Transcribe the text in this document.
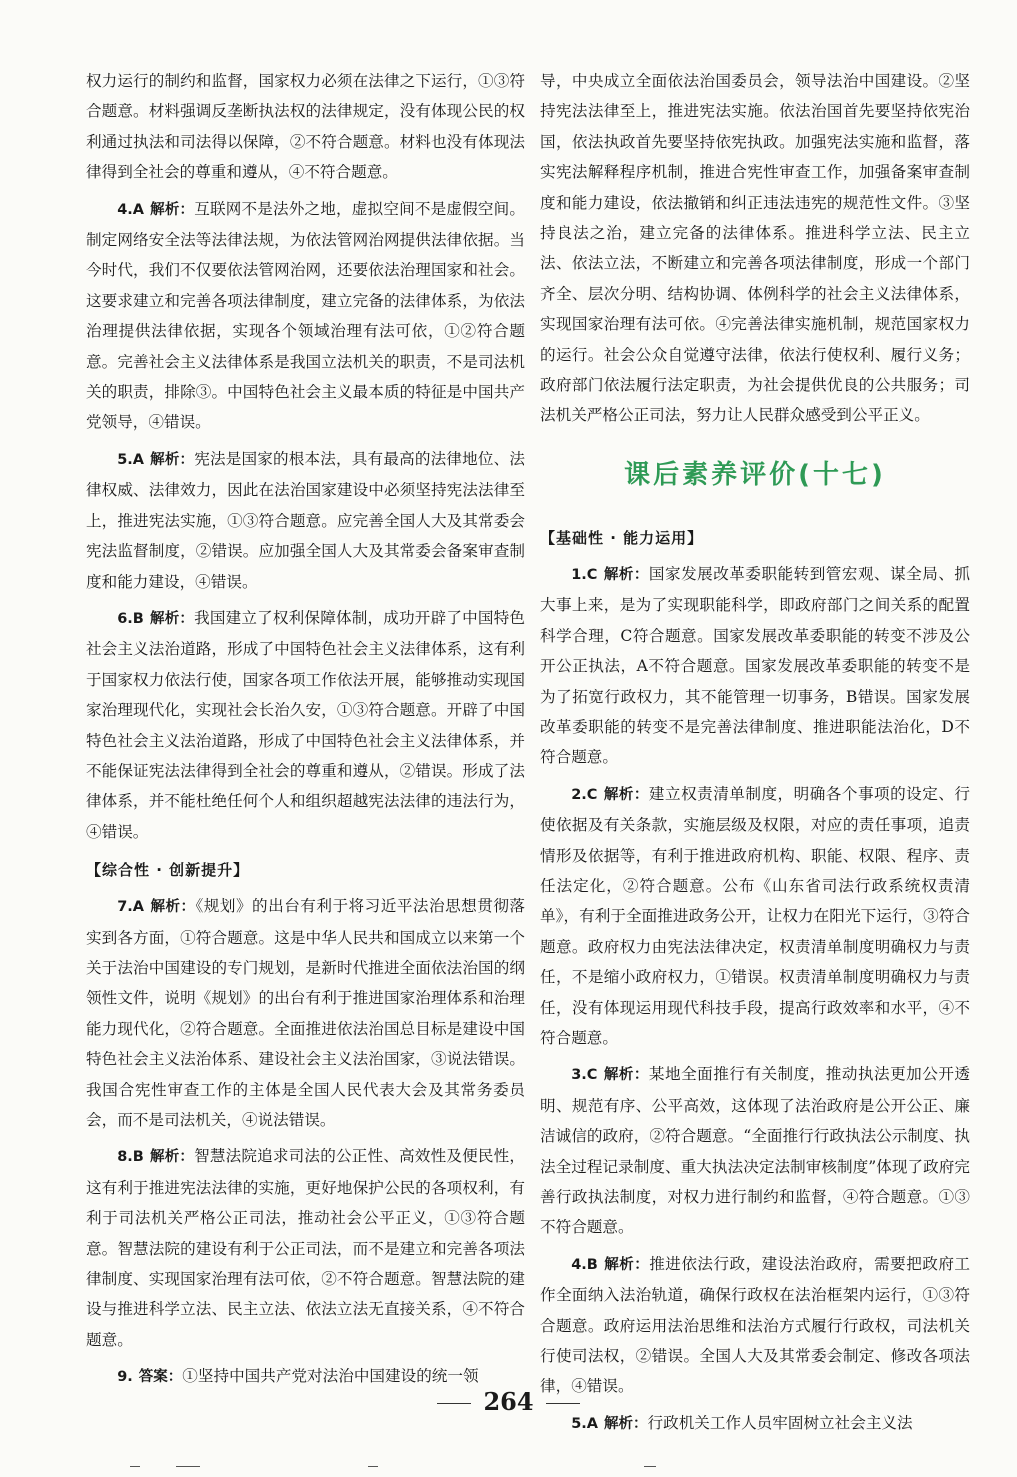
权力运行的制约和监督，国家权力必须在法律之下运行，①③符合题意。材料强调反垄断执法权的法律规定，没有体现公民的权利通过执法和司法得以保障，②不符合题意。材料也没有体现法律得到全社会的尊重和遵从，④不符合题意。

4.A 解析：互联网不是法外之地，虚拟空间不是虚假空间。制定网络安全法等法律法规，为依法管网治网提供法律依据。当今时代，我们不仅要依法管网治网，还要依法治理国家和社会。这要求建立和完善各项法律制度，建立完备的法律体系，为依法治理提供法律依据，实现各个领域治理有法可依，①②符合题意。完善社会主义法律体系是我国立法机关的职责，不是司法机关的职责，排除③。中国特色社会主义最本质的特征是中国共产党领导，④错误。

5.A 解析：宪法是国家的根本法，具有最高的法律地位、法律权威、法律效力，因此在法治国家建设中必须坚持宪法法律至上，推进宪法实施，①③符合题意。应完善全国人大及其常委会宪法监督制度，②错误。应加强全国人大及其常委会备案审查制度和能力建设，④错误。

6.B 解析：我国建立了权利保障体制，成功开辟了中国特色社会主义法治道路，形成了中国特色社会主义法律体系，这有利于国家权力依法行使，国家各项工作依法开展，能够推动实现国家治理现代化，实现社会长治久安，①③符合题意。开辟了中国特色社会主义法治道路，形成了中国特色社会主义法律体系，并不能保证宪法法律得到全社会的尊重和遵从，②错误。形成了法律体系，并不能杜绝任何个人和组织超越宪法法律的违法行为，④错误。

【综合性 · 创新提升】

7.A 解析：《规划》的出台有利于将习近平法治思想贯彻落实到各方面，①符合题意。这是中华人民共和国成立以来第一个关于法治中国建设的专门规划，是新时代推进全面依法治国的纲领性文件，说明《规划》的出台有利于推进国家治理体系和治理能力现代化，②符合题意。全面推进依法治国总目标是建设中国特色社会主义法治体系、建设社会主义法治国家，③说法错误。我国合宪性审查工作的主体是全国人民代表大会及其常务委员会，而不是司法机关，④说法错误。

8.B 解析：智慧法院追求司法的公正性、高效性及便民性，这有利于推进宪法法律的实施，更好地保护公民的各项权利，有利于司法机关严格公正司法，推动社会公平正义，①③符合题意。智慧法院的建设有利于公正司法，而不是建立和完善各项法律制度、实现国家治理有法可依，②不符合题意。智慧法院的建设与推进科学立法、民主立法、依法立法无直接关系，④不符合题意。

9. 答案：①坚持中国共产党对法治中国建设的统一领

导，中央成立全面依法治国委员会，领导法治中国建设。②坚持宪法法律至上，推进宪法实施。依法治国首先要坚持依宪治国，依法执政首先要坚持依宪执政。加强宪法实施和监督，落实宪法解释程序机制，推进合宪性审查工作，加强备案审查制度和能力建设，依法撤销和纠正违法违宪的规范性文件。③坚持良法之治，建立完备的法律体系。推进科学立法、民主立法、依法立法，不断建立和完善各项法律制度，形成一个部门齐全、层次分明、结构协调、体例科学的社会主义法律体系，实现国家治理有法可依。④完善法律实施机制，规范国家权力的运行。社会公众自觉遵守法律，依法行使权利、履行义务；政府部门依法履行法定职责，为社会提供优良的公共服务；司法机关严格公正司法，努力让人民群众感受到公平正义。

课后素养评价(十七)
【基础性 · 能力运用】

1.C 解析：国家发展改革委职能转到管宏观、谋全局、抓大事上来，是为了实现职能科学，即政府部门之间关系的配置科学合理，C符合题意。国家发展改革委职能的转变不涉及公开公正执法，A不符合题意。国家发展改革委职能的转变不是为了拓宽行政权力，其不能管理一切事务，B错误。国家发展改革委职能的转变不是完善法律制度、推进职能法治化，D不符合题意。

2.C 解析：建立权责清单制度，明确各个事项的设定、行使依据及有关条款，实施层级及权限，对应的责任事项，追责情形及依据等，有利于推进政府机构、职能、权限、程序、责任法定化，②符合题意。公布《山东省司法行政系统权责清单》，有利于全面推进政务公开，让权力在阳光下运行，③符合题意。政府权力由宪法法律决定，权责清单制度明确权力与责任，不是缩小政府权力，①错误。权责清单制度明确权力与责任，没有体现运用现代科技手段，提高行政效率和水平，④不符合题意。

3.C 解析：某地全面推行有关制度，推动执法更加公开透明、规范有序、公平高效，这体现了法治政府是公开公正、廉洁诚信的政府，②符合题意。“全面推行行政执法公示制度、执法全过程记录制度、重大执法决定法制审核制度”体现了政府完善行政执法制度，对权力进行制约和监督，④符合题意。①③不符合题意。

4.B 解析：推进依法行政，建设法治政府，需要把政府工作全面纳入法治轨道，确保行政权在法治框架内运行，①③符合题意。政府运用法治思维和法治方式履行行政权，司法机关行使司法权，②错误。全国人大及其常委会制定、修改各项法律，④错误。

5.A 解析：行政机关工作人员牢固树立社会主义法

264
